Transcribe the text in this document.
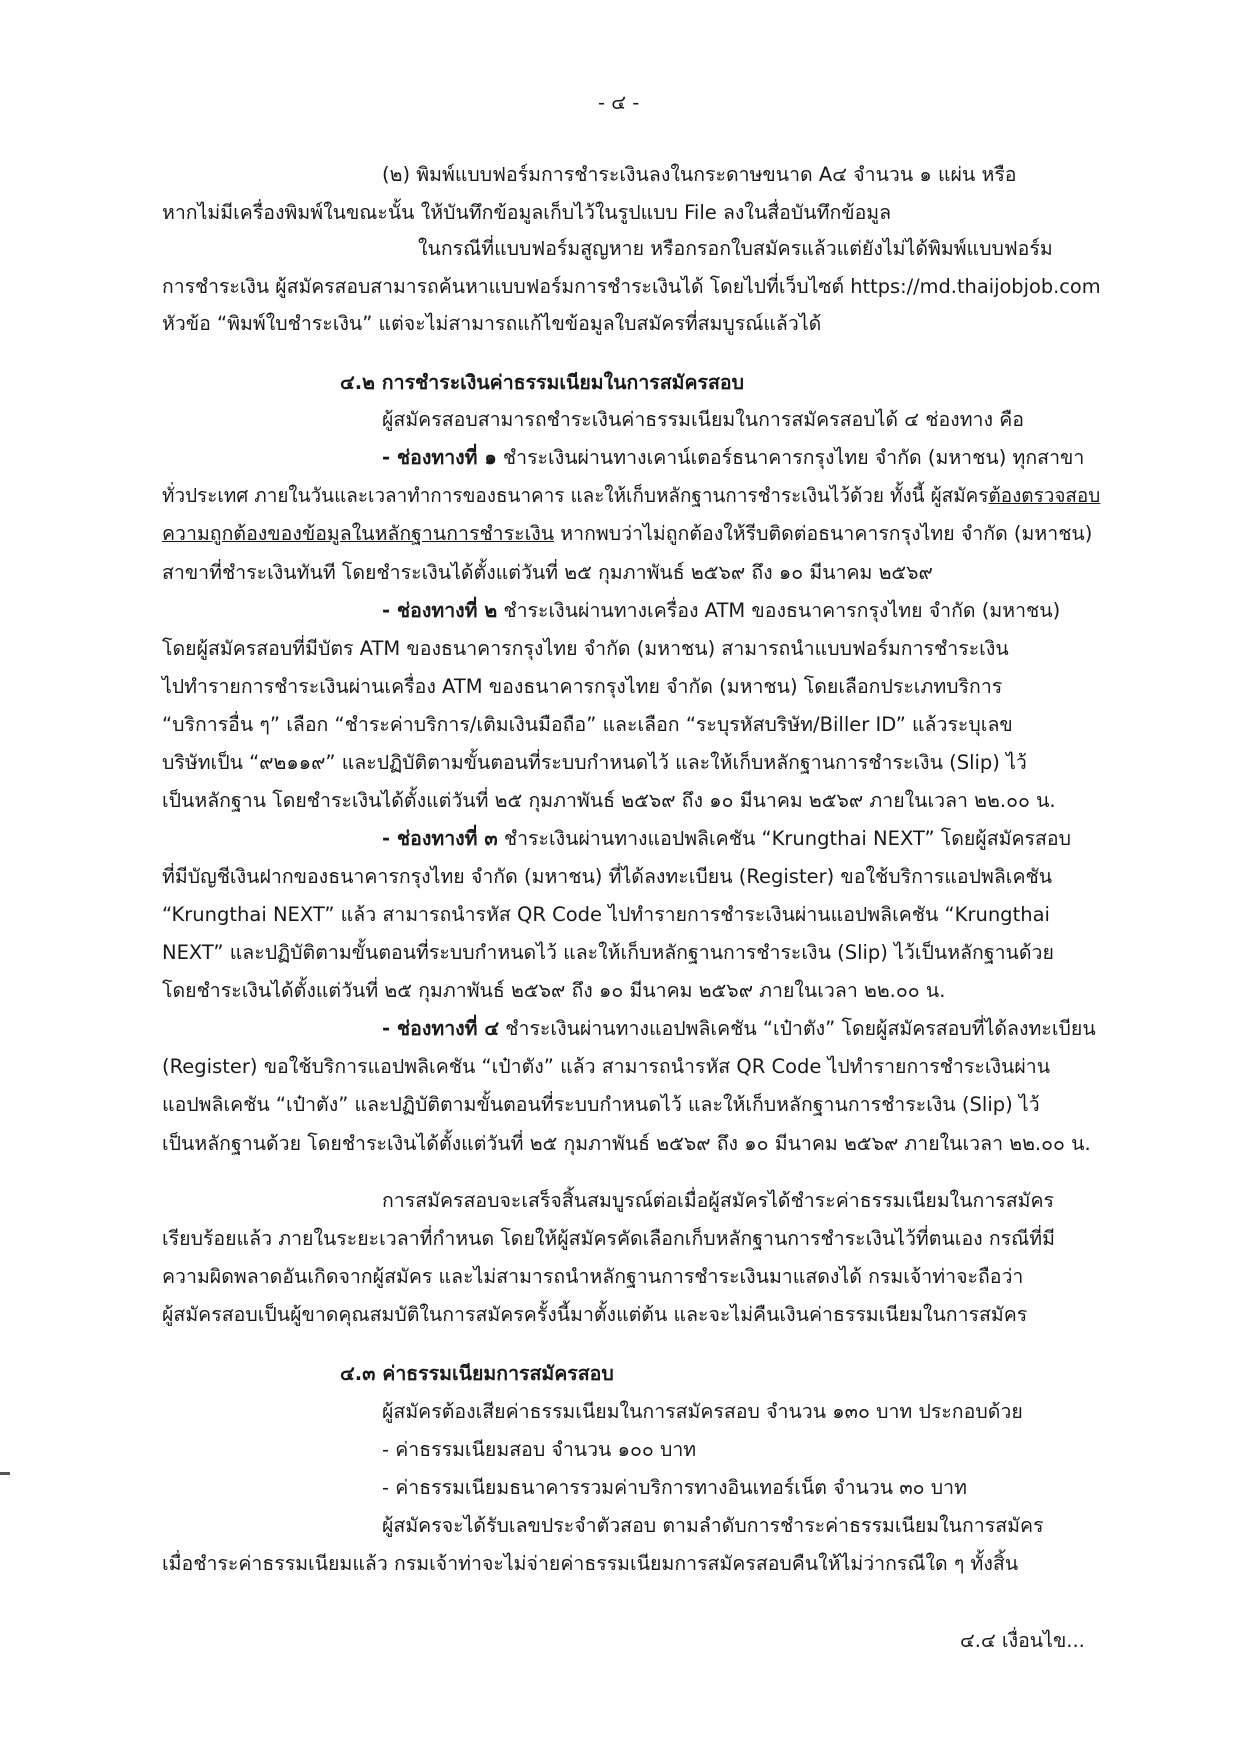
- ๔ -
(๒) พิมพ์แบบฟอร์มการชำระเงินลงในกระดาษขนาด A๔ จำนวน ๑ แผ่น หรือ
หากไม่มีเครื่องพิมพ์ในขณะนั้น ให้บันทึกข้อมูลเก็บไว้ในรูปแบบ File ลงในสื่อบันทึกข้อมูล
ในกรณีที่แบบฟอร์มสูญหาย หรือกรอกใบสมัครแล้วแต่ยังไม่ได้พิมพ์แบบฟอร์ม
การชำระเงิน ผู้สมัครสอบสามารถค้นหาแบบฟอร์มการชำระเงินได้ โดยไปที่เว็บไซต์ https://md.thaijobjob.com
หัวข้อ “พิมพ์ใบชำระเงิน” แต่จะไม่สามารถแก้ไขข้อมูลใบสมัครที่สมบูรณ์แล้วได้
๔.๒ การชำระเงินค่าธรรมเนียมในการสมัครสอบ
ผู้สมัครสอบสามารถชำระเงินค่าธรรมเนียมในการสมัครสอบได้ ๔ ช่องทาง คือ
- ช่องทางที่ ๑ ชำระเงินผ่านทางเคาน์เตอร์ธนาคารกรุงไทย จำกัด (มหาชน) ทุกสาขา
ทั่วประเทศ ภายในวันและเวลาทำการของธนาคาร และให้เก็บหลักฐานการชำระเงินไว้ด้วย ทั้งนี้ ผู้สมัครต้องตรวจสอบ
ความถูกต้องของข้อมูลในหลักฐานการชำระเงิน หากพบว่าไม่ถูกต้องให้รีบติดต่อธนาคารกรุงไทย จำกัด (มหาชน)
สาขาที่ชำระเงินทันที โดยชำระเงินได้ตั้งแต่วันที่ ๒๕ กุมภาพันธ์ ๒๕๖๙ ถึง ๑๐ มีนาคม ๒๕๖๙
- ช่องทางที่ ๒ ชำระเงินผ่านทางเครื่อง ATM ของธนาคารกรุงไทย จำกัด (มหาชน)
โดยผู้สมัครสอบที่มีบัตร ATM ของธนาคารกรุงไทย จำกัด (มหาชน) สามารถนำแบบฟอร์มการชำระเงิน
ไปทำรายการชำระเงินผ่านเครื่อง ATM ของธนาคารกรุงไทย จำกัด (มหาชน) โดยเลือกประเภทบริการ
“บริการอื่น ๆ” เลือก “ชำระค่าบริการ/เติมเงินมือถือ” และเลือก “ระบุรหัสบริษัท/Biller ID” แล้วระบุเลข
บริษัทเป็น “๙๒๑๑๙” และปฏิบัติตามขั้นตอนที่ระบบกำหนดไว้ และให้เก็บหลักฐานการชำระเงิน (Slip) ไว้
เป็นหลักฐาน โดยชำระเงินได้ตั้งแต่วันที่ ๒๕ กุมภาพันธ์ ๒๕๖๙ ถึง ๑๐ มีนาคม ๒๕๖๙ ภายในเวลา ๒๒.๐๐ น.
- ช่องทางที่ ๓ ชำระเงินผ่านทางแอปพลิเคชัน “Krungthai NEXT” โดยผู้สมัครสอบ
ที่มีบัญชีเงินฝากของธนาคารกรุงไทย จำกัด (มหาชน) ที่ได้ลงทะเบียน (Register) ขอใช้บริการแอปพลิเคชัน
“Krungthai NEXT” แล้ว สามารถนำรหัส QR Code ไปทำรายการชำระเงินผ่านแอปพลิเคชัน “Krungthai
NEXT” และปฏิบัติตามขั้นตอนที่ระบบกำหนดไว้ และให้เก็บหลักฐานการชำระเงิน (Slip) ไว้เป็นหลักฐานด้วย
โดยชำระเงินได้ตั้งแต่วันที่ ๒๕ กุมภาพันธ์ ๒๕๖๙ ถึง ๑๐ มีนาคม ๒๕๖๙ ภายในเวลา ๒๒.๐๐ น.
- ช่องทางที่ ๔ ชำระเงินผ่านทางแอปพลิเคชัน “เป๋าตัง” โดยผู้สมัครสอบที่ได้ลงทะเบียน
(Register) ขอใช้บริการแอปพลิเคชัน “เป๋าตัง” แล้ว สามารถนำรหัส QR Code ไปทำรายการชำระเงินผ่าน
แอปพลิเคชัน “เป๋าตัง” และปฏิบัติตามขั้นตอนที่ระบบกำหนดไว้ และให้เก็บหลักฐานการชำระเงิน (Slip) ไว้
เป็นหลักฐานด้วย โดยชำระเงินได้ตั้งแต่วันที่ ๒๕ กุมภาพันธ์ ๒๕๖๙ ถึง ๑๐ มีนาคม ๒๕๖๙ ภายในเวลา ๒๒.๐๐ น.
การสมัครสอบจะเสร็จสิ้นสมบูรณ์ต่อเมื่อผู้สมัครได้ชำระค่าธรรมเนียมในการสมัคร
เรียบร้อยแล้ว ภายในระยะเวลาที่กำหนด โดยให้ผู้สมัครคัดเลือกเก็บหลักฐานการชำระเงินไว้ที่ตนเอง กรณีที่มี
ความผิดพลาดอันเกิดจากผู้สมัคร และไม่สามารถนำหลักฐานการชำระเงินมาแสดงได้ กรมเจ้าท่าจะถือว่า
ผู้สมัครสอบเป็นผู้ขาดคุณสมบัติในการสมัครครั้งนี้มาตั้งแต่ต้น และจะไม่คืนเงินค่าธรรมเนียมในการสมัคร
๔.๓ ค่าธรรมเนียมการสมัครสอบ
ผู้สมัครต้องเสียค่าธรรมเนียมในการสมัครสอบ จำนวน ๑๓๐ บาท ประกอบด้วย
- ค่าธรรมเนียมสอบ จำนวน ๑๐๐ บาท
- ค่าธรรมเนียมธนาคารรวมค่าบริการทางอินเทอร์เน็ต จำนวน ๓๐ บาท
ผู้สมัครจะได้รับเลขประจำตัวสอบ ตามลำดับการชำระค่าธรรมเนียมในการสมัคร
เมื่อชำระค่าธรรมเนียมแล้ว กรมเจ้าท่าจะไม่จ่ายค่าธรรมเนียมการสมัครสอบคืนให้ไม่ว่ากรณีใด ๆ ทั้งสิ้น
๔.๔ เงื่อนไข...
